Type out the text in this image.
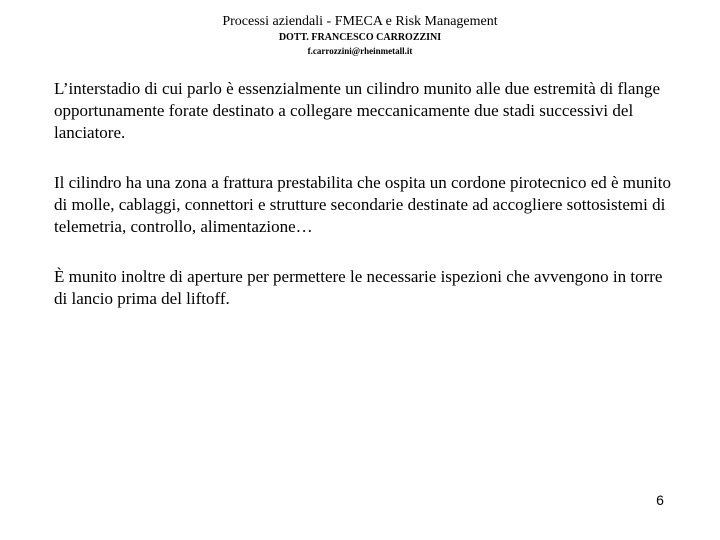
Processi aziendali - FMECA e Risk Management
DOTT. FRANCESCO CARROZZINI
f.carrozzini@rheinmetall.it

L’interstadio di cui parlo è essenzialmente un cilindro munito alle due estremità di flange opportunamente forate destinato a collegare meccanicamente due stadi successivi del lanciatore.

Il cilindro ha una zona a frattura prestabilita che ospita un cordone pirotecnico ed è munito di molle, cablaggi, connettori e strutture secondarie destinate ad accogliere sottosistemi di telemetria, controllo, alimentazione…

È munito inoltre di aperture per permettere le necessarie ispezioni che avvengono in torre di lancio prima del liftoff.

6
